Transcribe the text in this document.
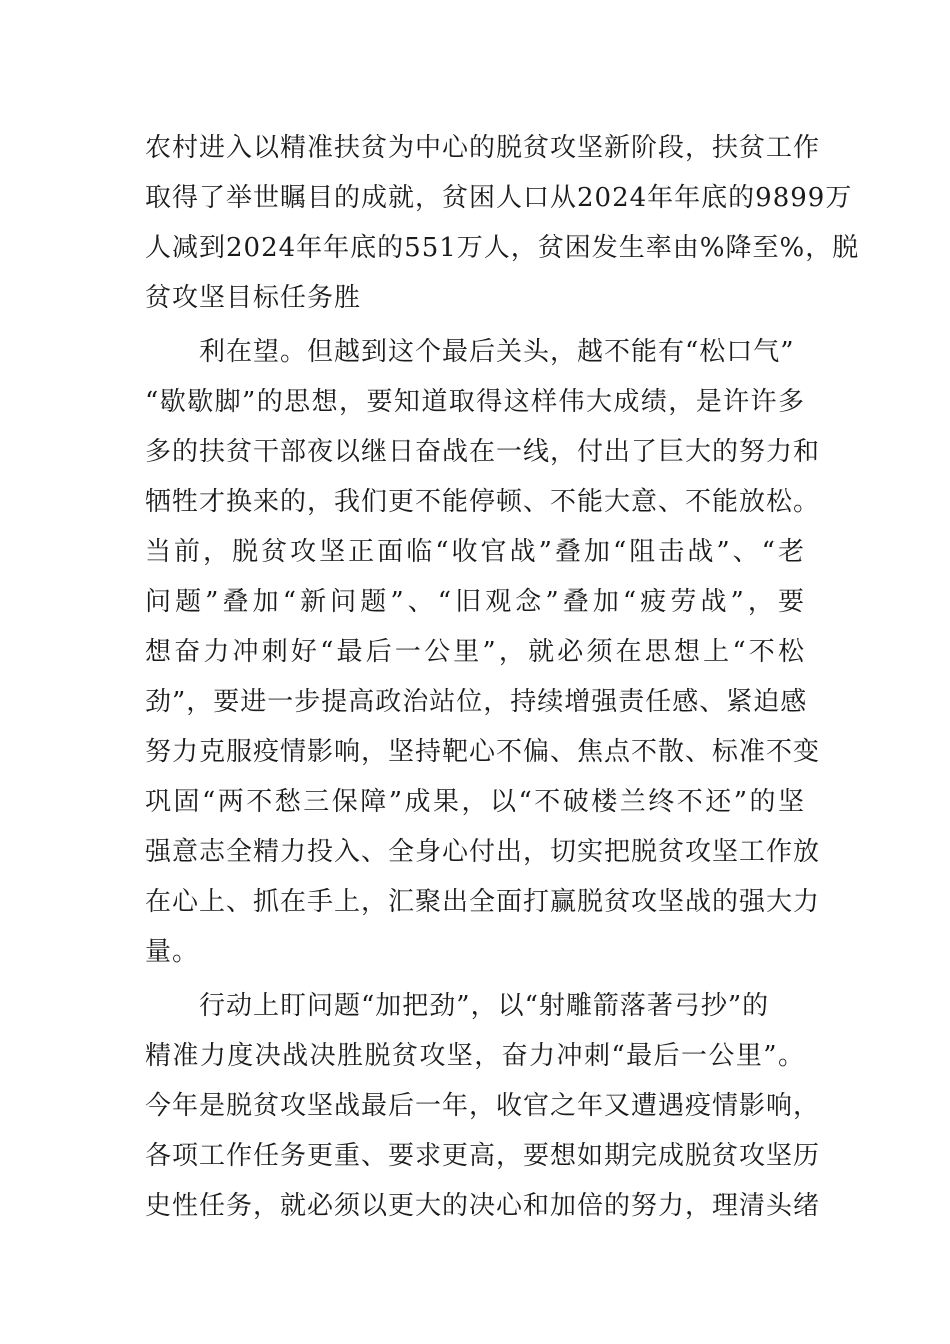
农村进入以精准扶贫为中心的脱贫攻坚新阶段，扶贫工作
取得了举世瞩目的成就，贫困人口从2024年年底的9899万
人减到2024年年底的551万人，贫困发生率由%降至%，脱
贫攻坚目标任务胜
利在望。但越到这个最后关头，越不能有“松口气”
“歇歇脚”的思想，要知道取得这样伟大成绩，是许许多
多的扶贫干部夜以继日奋战在一线，付出了巨大的努力和
牺牲才换来的，我们更不能停顿、不能大意、不能放松。
当前，脱贫攻坚正面临“收官战”叠加“阻击战”、“老
问题”叠加“新问题”、“旧观念”叠加“疲劳战”，要
想奋力冲刺好“最后一公里”，就必须在思想上“不松
劲”，要进一步提高政治站位，持续增强责任感、紧迫感
努力克服疫情影响，坚持靶心不偏、焦点不散、标准不变
巩固“两不愁三保障”成果，以“不破楼兰终不还”的坚
强意志全精力投入、全身心付出，切实把脱贫攻坚工作放
在心上、抓在手上，汇聚出全面打赢脱贫攻坚战的强大力
量。
行动上盯问题“加把劲”，以“射雕箭落著弓抄”的
精准力度决战决胜脱贫攻坚，奋力冲刺“最后一公里”。
今年是脱贫攻坚战最后一年，收官之年又遭遇疫情影响，
各项工作任务更重、要求更高，要想如期完成脱贫攻坚历
史性任务，就必须以更大的决心和加倍的努力，理清头绪
